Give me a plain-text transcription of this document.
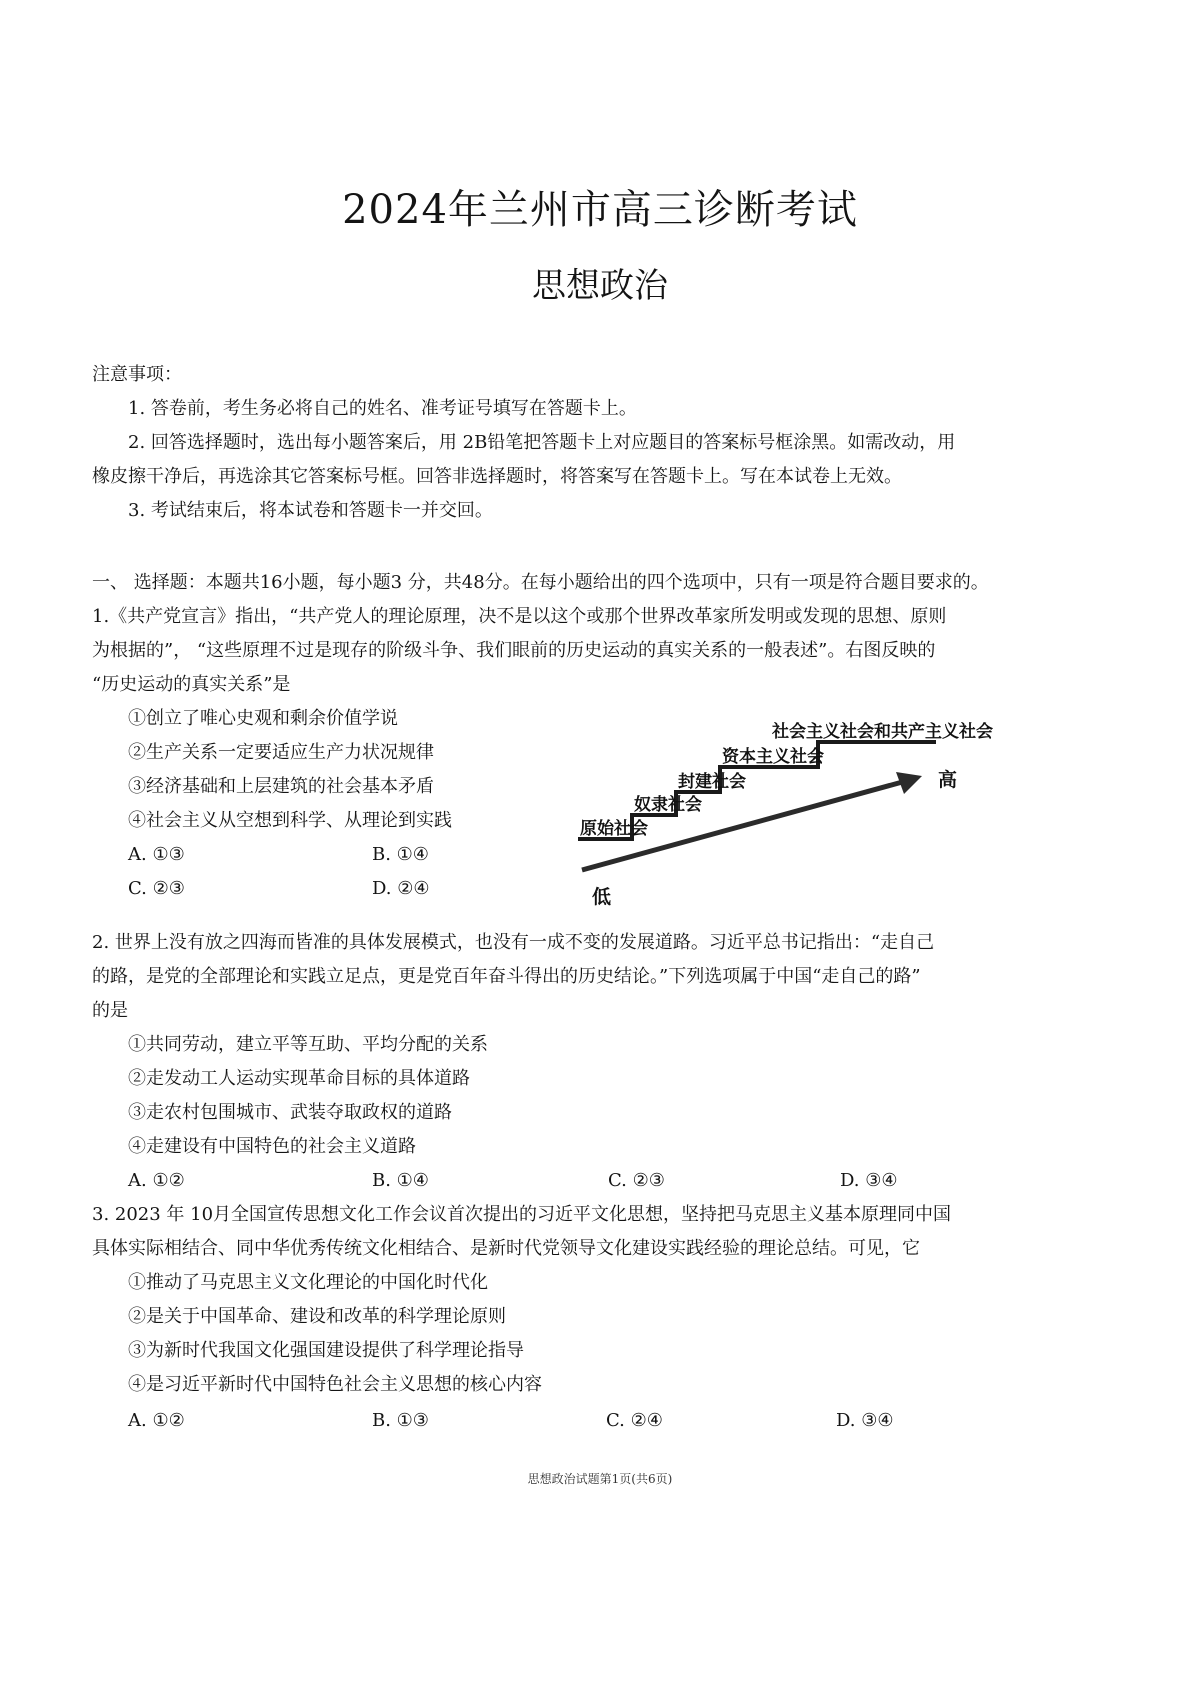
2024年兰州市高三诊断考试
思想政治
注意事项：
1. 答卷前，考生务必将自己的姓名、准考证号填写在答题卡上。
2. 回答选择题时，选出每小题答案后，用 2B铅笔把答题卡上对应题目的答案标号框涂黑。如需改动，用
橡皮擦干净后，再选涂其它答案标号框。回答非选择题时，将答案写在答题卡上。写在本试卷上无效。
3. 考试结束后，将本试卷和答题卡一并交回。
一、 选择题：本题共16小题，每小题3 分，共48分。在每小题给出的四个选项中，只有一项是符合题目要求的。
1.《共产党宣言》指出，“共产党人的理论原理，决不是以这个或那个世界改革家所发明或发现的思想、原则
为根据的”， “这些原理不过是现存的阶级斗争、我们眼前的历史运动的真实关系的一般表述”。右图反映的
“历史运动的真实关系”是
①创立了唯心史观和剩余价值学说
②生产关系一定要适应生产力状况规律
③经济基础和上层建筑的社会基本矛盾
④社会主义从空想到科学、从理论到实践
A. ①③	B. ①④
C. ②③	D. ②④
原始社会
奴隶社会
封建社会
资本主义社会
社会主义社会和共产主义社会
低
高
2. 世界上没有放之四海而皆准的具体发展模式，也没有一成不变的发展道路。习近平总书记指出：“走自己
的路，是党的全部理论和实践立足点，更是党百年奋斗得出的历史结论。”下列选项属于中国“走自己的路”
的是
①共同劳动，建立平等互助、平均分配的关系
②走发动工人运动实现革命目标的具体道路
③走农村包围城市、武装夺取政权的道路
④走建设有中国特色的社会主义道路
A. ①②	B. ①④	C. ②③	D. ③④
3. 2023 年 10月全国宣传思想文化工作会议首次提出的习近平文化思想，坚持把马克思主义基本原理同中国
具体实际相结合、同中华优秀传统文化相结合、是新时代党领导文化建设实践经验的理论总结。可见，它
①推动了马克思主义文化理论的中国化时代化
②是关于中国革命、建设和改革的科学理论原则
③为新时代我国文化强国建设提供了科学理论指导
④是习近平新时代中国特色社会主义思想的核心内容
A. ①②	B. ①③	C. ②④	D. ③④
思想政治试题第1页(共6页)
